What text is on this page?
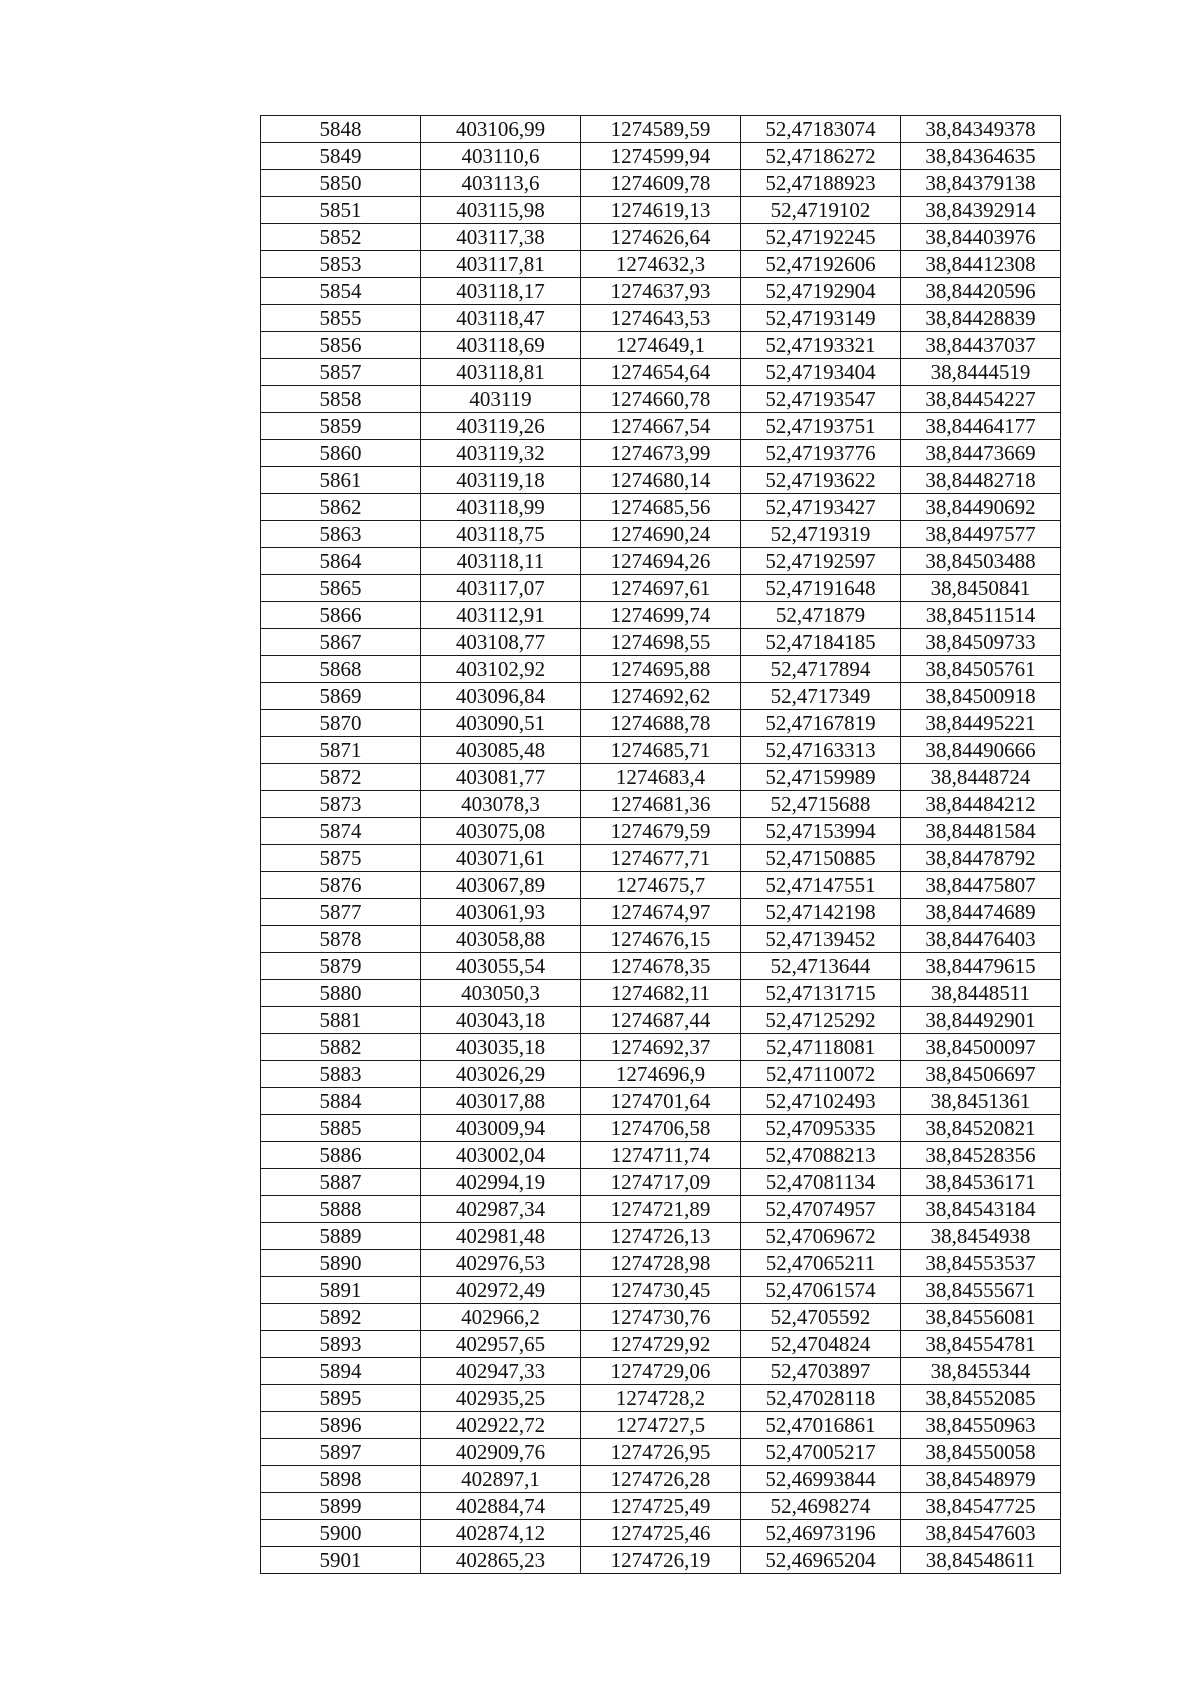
5848	403106,99	1274589,59	52,47183074	38,84349378
5849	403110,6	1274599,94	52,47186272	38,84364635
5850	403113,6	1274609,78	52,47188923	38,84379138
5851	403115,98	1274619,13	52,4719102	38,84392914
5852	403117,38	1274626,64	52,47192245	38,84403976
5853	403117,81	1274632,3	52,47192606	38,84412308
5854	403118,17	1274637,93	52,47192904	38,84420596
5855	403118,47	1274643,53	52,47193149	38,84428839
5856	403118,69	1274649,1	52,47193321	38,84437037
5857	403118,81	1274654,64	52,47193404	38,8444519
5858	403119	1274660,78	52,47193547	38,84454227
5859	403119,26	1274667,54	52,47193751	38,84464177
5860	403119,32	1274673,99	52,47193776	38,84473669
5861	403119,18	1274680,14	52,47193622	38,84482718
5862	403118,99	1274685,56	52,47193427	38,84490692
5863	403118,75	1274690,24	52,4719319	38,84497577
5864	403118,11	1274694,26	52,47192597	38,84503488
5865	403117,07	1274697,61	52,47191648	38,8450841
5866	403112,91	1274699,74	52,471879	38,84511514
5867	403108,77	1274698,55	52,47184185	38,84509733
5868	403102,92	1274695,88	52,4717894	38,84505761
5869	403096,84	1274692,62	52,4717349	38,84500918
5870	403090,51	1274688,78	52,47167819	38,84495221
5871	403085,48	1274685,71	52,47163313	38,84490666
5872	403081,77	1274683,4	52,47159989	38,8448724
5873	403078,3	1274681,36	52,4715688	38,84484212
5874	403075,08	1274679,59	52,47153994	38,84481584
5875	403071,61	1274677,71	52,47150885	38,84478792
5876	403067,89	1274675,7	52,47147551	38,84475807
5877	403061,93	1274674,97	52,47142198	38,84474689
5878	403058,88	1274676,15	52,47139452	38,84476403
5879	403055,54	1274678,35	52,4713644	38,84479615
5880	403050,3	1274682,11	52,47131715	38,8448511
5881	403043,18	1274687,44	52,47125292	38,84492901
5882	403035,18	1274692,37	52,47118081	38,84500097
5883	403026,29	1274696,9	52,47110072	38,84506697
5884	403017,88	1274701,64	52,47102493	38,8451361
5885	403009,94	1274706,58	52,47095335	38,84520821
5886	403002,04	1274711,74	52,47088213	38,84528356
5887	402994,19	1274717,09	52,47081134	38,84536171
5888	402987,34	1274721,89	52,47074957	38,84543184
5889	402981,48	1274726,13	52,47069672	38,8454938
5890	402976,53	1274728,98	52,47065211	38,84553537
5891	402972,49	1274730,45	52,47061574	38,84555671
5892	402966,2	1274730,76	52,4705592	38,84556081
5893	402957,65	1274729,92	52,4704824	38,84554781
5894	402947,33	1274729,06	52,4703897	38,8455344
5895	402935,25	1274728,2	52,47028118	38,84552085
5896	402922,72	1274727,5	52,47016861	38,84550963
5897	402909,76	1274726,95	52,47005217	38,84550058
5898	402897,1	1274726,28	52,46993844	38,84548979
5899	402884,74	1274725,49	52,4698274	38,84547725
5900	402874,12	1274725,46	52,46973196	38,84547603
5901	402865,23	1274726,19	52,46965204	38,84548611
